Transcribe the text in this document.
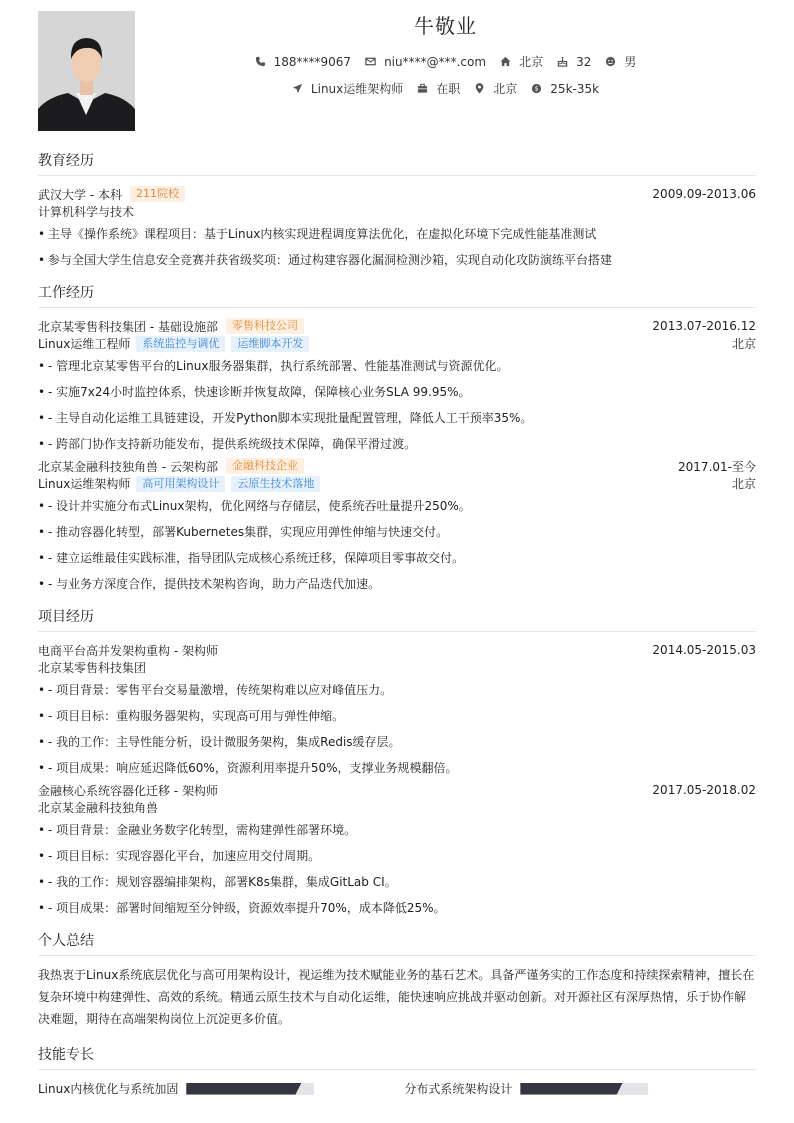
牛敬业
188****9067	niu****@***.com	北京	32	男
Linux运维架构师	在职	北京 $ 25k-35k
教育经历
武汉大学 - 本科	211院校	2009.09-2013.06
计算机科学与技术
• 主导《操作系统》课程项目：基于Linux内核实现进程调度算法优化，在虚拟化环境下完成性能基准测试
• 参与全国大学生信息安全竞赛并获省级奖项：通过构建容器化漏洞检测沙箱，实现自动化攻防演练平台搭建
工作经历
北京某零售科技集团 - 基础设施部	零售科技公司	2013.07-2016.12
Linux运维工程师	系统监控与调优	运维脚本开发	北京
• - 管理北京某零售平台的Linux服务器集群，执行系统部署、性能基准测试与资源优化。
• - 实施7x24小时监控体系，快速诊断并恢复故障，保障核心业务SLA 99.95%。
• - 主导自动化运维工具链建设，开发Python脚本实现批量配置管理，降低人工干预率35%。
• - 跨部门协作支持新功能发布，提供系统级技术保障，确保平滑过渡。
北京某金融科技独角兽 - 云架构部	金融科技企业	2017.01-至今
Linux运维架构师	高可用架构设计	云原生技术落地	北京
• - 设计并实施分布式Linux架构，优化网络与存储层，使系统吞吐量提升250%。
• - 推动容器化转型，部署Kubernetes集群，实现应用弹性伸缩与快速交付。
• - 建立运维最佳实践标准，指导团队完成核心系统迁移，保障项目零事故交付。
• - 与业务方深度合作，提供技术架构咨询，助力产品迭代加速。
项目经历
电商平台高并发架构重构 - 架构师	2014.05-2015.03
北京某零售科技集团
• - 项目背景：零售平台交易量激增，传统架构难以应对峰值压力。
• - 项目目标：重构服务器架构，实现高可用与弹性伸缩。
• - 我的工作：主导性能分析，设计微服务架构，集成Redis缓存层。
• - 项目成果：响应延迟降低60%，资源利用率提升50%，支撑业务规模翻倍。
金融核心系统容器化迁移 - 架构师	2017.05-2018.02
北京某金融科技独角兽
• - 项目背景：金融业务数字化转型，需构建弹性部署环境。
• - 项目目标：实现容器化平台，加速应用交付周期。
• - 我的工作：规划容器编排架构，部署K8s集群，集成GitLab CI。
• - 项目成果：部署时间缩短至分钟级，资源效率提升70%，成本降低25%。
个人总结
我热衷于Linux系统底层优化与高可用架构设计，视运维为技术赋能业务的基石艺术。具备严谨务实的工作态度和持续探索精神，擅长在复杂环境中构建弹性、高效的系统。精通云原生技术与自动化运维，能快速响应挑战并驱动创新。对开源社区有深厚热情，乐于协作解决难题，期待在高端架构岗位上沉淀更多价值。
技能专长
Linux内核优化与系统加固	分布式系统架构设计
